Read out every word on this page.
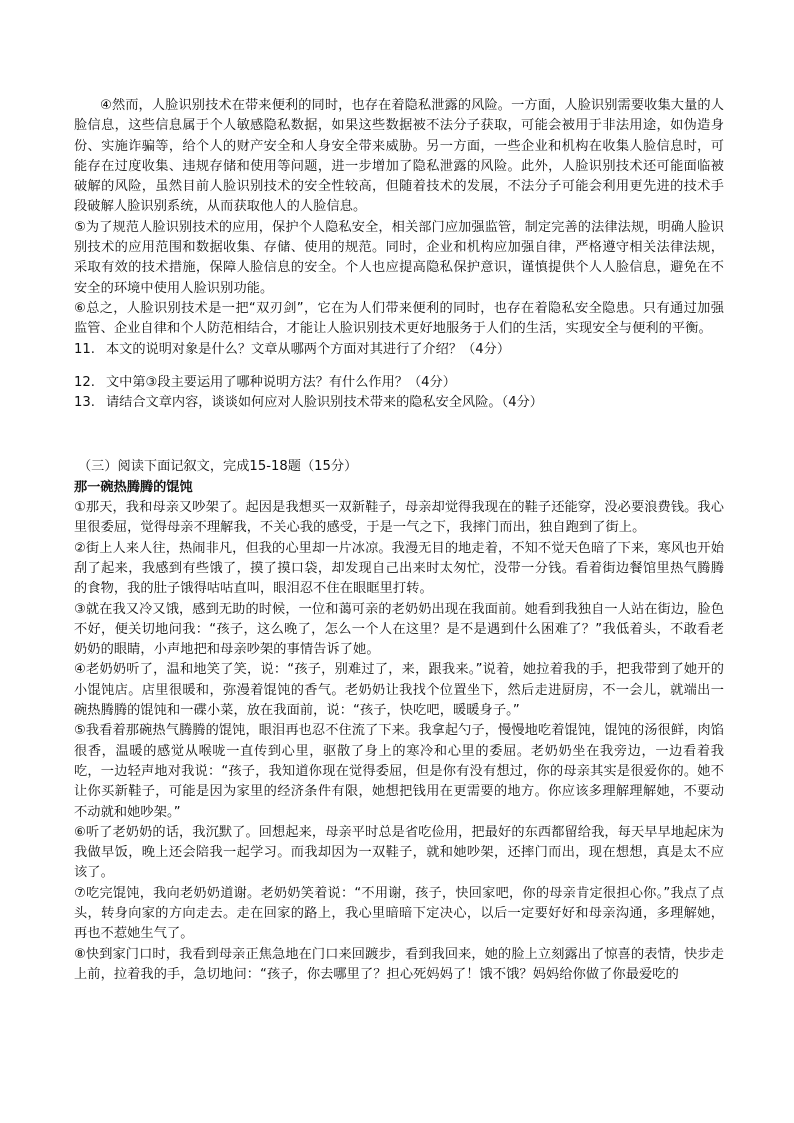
④然而，人脸识别技术在带来便利的同时，也存在着隐私泄露的风险。一方面，人脸识别需要收集大量的人脸信息，这些信息属于个人敏感隐私数据，如果这些数据被不法分子获取，可能会被用于非法用途，如伪造身份、实施诈骗等，给个人的财产安全和人身安全带来威胁。另一方面，一些企业和机构在收集人脸信息时，可能存在过度收集、违规存储和使用等问题，进一步增加了隐私泄露的风险。此外，人脸识别技术还可能面临被破解的风险，虽然目前人脸识别技术的安全性较高，但随着技术的发展，不法分子可能会利用更先进的技术手段破解人脸识别系统，从而获取他人的人脸信息。

⑤为了规范人脸识别技术的应用，保护个人隐私安全，相关部门应加强监管，制定完善的法律法规，明确人脸识别技术的应用范围和数据收集、存储、使用的规范。同时，企业和机构应加强自律，严格遵守相关法律法规，采取有效的技术措施，保障人脸信息的安全。个人也应提高隐私保护意识，谨慎提供个人人脸信息，避免在不安全的环境中使用人脸识别功能。

⑥总之，人脸识别技术是一把“双刃剑”，它在为人们带来便利的同时，也存在着隐私安全隐患。只有通过加强监管、企业自律和个人防范相结合，才能让人脸识别技术更好地服务于人们的生活，实现安全与便利的平衡。

11. 本文的说明对象是什么？文章从哪两个方面对其进行了介绍？（4分）
12. 文中第③段主要运用了哪种说明方法？有什么作用？（4分）
13. 请结合文章内容，谈谈如何应对人脸识别技术带来的隐私安全风险。（4分）

（三）阅读下面记叙文，完成15-18题（15分）

那一碗热腾腾的馄饨

①那天，我和母亲又吵架了。起因是我想买一双新鞋子，母亲却觉得我现在的鞋子还能穿，没必要浪费钱。我心里很委屈，觉得母亲不理解我，不关心我的感受，于是一气之下，我摔门而出，独自跑到了街上。

②街上人来人往，热闹非凡，但我的心里却一片冰凉。我漫无目的地走着，不知不觉天色暗了下来，寒风也开始刮了起来，我感到有些饿了，摸了摸口袋，却发现自己出来时太匆忙，没带一分钱。看着街边餐馆里热气腾腾的食物，我的肚子饿得咕咕直叫，眼泪忍不住在眼眶里打转。

③就在我又冷又饿，感到无助的时候，一位和蔼可亲的老奶奶出现在我面前。她看到我独自一人站在街边，脸色不好，便关切地问我：“孩子，这么晚了，怎么一个人在这里？是不是遇到什么困难了？”我低着头，不敢看老奶奶的眼睛，小声地把和母亲吵架的事情告诉了她。

④老奶奶听了，温和地笑了笑，说：“孩子，别难过了，来，跟我来。”说着，她拉着我的手，把我带到了她开的小馄饨店。店里很暖和，弥漫着馄饨的香气。老奶奶让我找个位置坐下，然后走进厨房，不一会儿，就端出一碗热腾腾的馄饨和一碟小菜，放在我面前，说：“孩子，快吃吧，暖暖身子。”

⑤我看着那碗热气腾腾的馄饨，眼泪再也忍不住流了下来。我拿起勺子，慢慢地吃着馄饨，馄饨的汤很鲜，肉馅很香，温暖的感觉从喉咙一直传到心里，驱散了身上的寒冷和心里的委屈。老奶奶坐在我旁边，一边看着我吃，一边轻声地对我说：“孩子，我知道你现在觉得委屈，但是你有没有想过，你的母亲其实是很爱你的。她不让你买新鞋子，可能是因为家里的经济条件有限，她想把钱用在更需要的地方。你应该多理解理解她，不要动不动就和她吵架。”

⑥听了老奶奶的话，我沉默了。回想起来，母亲平时总是省吃俭用，把最好的东西都留给我，每天早早地起床为我做早饭，晚上还会陪我一起学习。而我却因为一双鞋子，就和她吵架，还摔门而出，现在想想，真是太不应该了。

⑦吃完馄饨，我向老奶奶道谢。老奶奶笑着说：“不用谢，孩子，快回家吧，你的母亲肯定很担心你。”我点了点头，转身向家的方向走去。走在回家的路上，我心里暗暗下定决心，以后一定要好好和母亲沟通，多理解她，再也不惹她生气了。

⑧快到家门口时，我看到母亲正焦急地在门口来回踱步，看到我回来，她的脸上立刻露出了惊喜的表情，快步走上前，拉着我的手，急切地问：“孩子，你去哪里了？担心死妈妈了！饿不饿？妈妈给你做了你最爱吃的
